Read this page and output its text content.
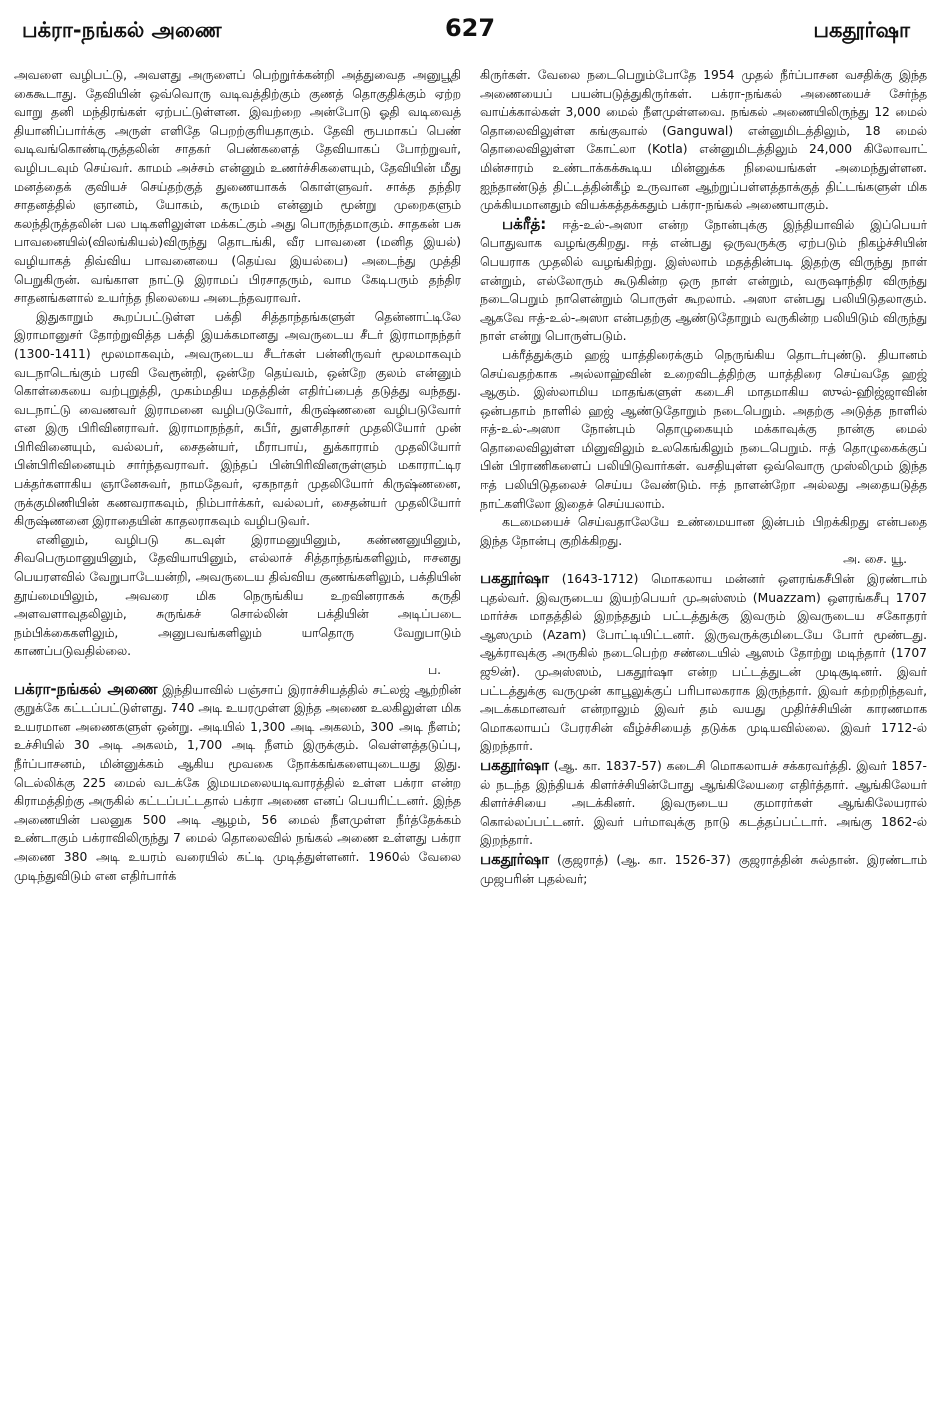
பக்ரா-நங்கல் அணை	627	பகதூர்ஷா

அவளை வழிபட்டு, அவளது அருளைப் பெற்றுர்க்கன்றி அத்துவைத அனுபூதி கைகூடாது. தேவியின் ஒவ்வொரு வடிவத்திற்கும் குணத் தொகுதிக்கும் ஏற்ற வாறு தனி மந்திரங்கள் ஏற்பட்டுள்ளன. இவற்றை அன்போடு ஓதி வடிவைத் தியானிப்பார்க்கு அருள் எளிதே பெறற்குரியதாகும். தேவி ரூபமாகப் பெண் வடிவங்கொண்டிருத்தலின் சாதகர் பெண்களைத் தேவியாகப் போற்றுவர், வழிபடவும் செய்வர். காமம் அச்சம் என்னும் உணர்ச்சிகளையும், தேவியின் மீது மனத்தைக் குவியச் செய்தற்குத் துணையாகக் கொள்ளுவர். சாக்த தந்திர சாதனத்தில் ஞானம், யோகம், கருமம் என்னும் மூன்று முறைகளும் கலந்திருத்தலின் பல படிகளிலுள்ள மக்கட்கும் அது பொருந்தமாகும். சாதகன் பசு பாவனையில்(விலங்கியல்)விருந்து தொடங்கி, வீர பாவனை (மனித இயல்) வழியாகத் திவ்விய பாவனையை (தெய்வ இயல்பை) அடைந்து முத்தி பெறுகிருன். வங்காள நாட்டு இராமப் பிரசாதரும், வாம கேடிபரும் தந்திர சாதனங்களால் உயர்ந்த நிலையை அடைந்தவராவர்.

இதுகாறும் கூறப்பட்டுள்ள பக்தி சித்தாந்தங்களுள் தென்னாட்டிலே இராமானுசர் தோற்றுவித்த பக்தி இயக்கமானது அவருடைய சீடர் இராமாநந்தர் (1300-1411) மூலமாகவும், அவருடைய சீடர்கள் பன்னிருவர் மூலமாகவும் வடநாடெங்கும் பரவி வேரூன்றி, ஒன்றே தெய்வம், ஒன்றே குலம் என்னும் கொள்கையை வற்புறுத்தி, முகம்மதிய மதத்தின் எதிர்ப்பைத் தடுத்து வந்தது. வடநாட்டு வைணவர் இராமனை வழிபடுவோர், கிருஷ்ணனை வழிபடுவோர் என இரு பிரிவினராவர். இராமாநந்தர், கபீர், துளசிதாசர் முதலியோர் முன் பிரிவினையும், வல்லபர், சைதன்யர், மீராபாய், துக்காராம் முதலியோர் பின்பிரிவினையும் சார்ந்தவராவர். இந்தப் பின்பிரிவினருள்ளும் மகாராட்டிர பக்தர்களாகிய ஞானேசுவர், நாமதேவர், ஏகநாதர் முதலியோர் கிருஷ்ணனை, ருக்குமிணியின் கணவராகவும், நிம்பார்க்கர், வல்லபர், சைதன்யர் முதலியோர் கிருஷ்ணனை இராதையின் காதலராகவும் வழிபடுவர்.

எனினும், வழிபடு கடவுள் இராமனுயினும், கண்ணனுயினும், சிவபெருமானுயினும், தேவியாயினும், எல்லாச் சித்தாந்தங்களிலும், ஈசனது பெயரளவில் வேறுபாடேயன்றி, அவருடைய திவ்விய குணங்களிலும், பக்தியின் தூய்மையிலும், அவரை மிக நெருங்கிய உறவினராகக் கருதி அளவளாவுதலிலும், சுருங்கச் சொல்லின் பக்தியின் அடிப்படை நம்பிக்கைகளிலும், அனுபவங்களிலும் யாதொரு வேறுபாடும் காணப்படுவதில்லை.

ப.

பக்ரா-நங்கல் அணை இந்தியாவில் பஞ்சாப் இராச்சியத்தில் சட்லஜ் ஆற்றின் குறுக்கே கட்டப்பட்டுள்ளது. 740 அடி உயரமுள்ள இந்த அணை உலகிலுள்ள மிக உயரமான அணைகளுள் ஒன்று. அடியில் 1,300 அடி அகலம், 300 அடி நீளம்; உச்சியில் 30 அடி அகலம், 1,700 அடி நீளம் இருக்கும். வெள்ளத்தடுப்பு, நீர்ப்பாசனம், மின்னுக்கம் ஆகிய மூவகை நோக்கங்களையுடையது இது. டெல்லிக்கு 225 மைல் வடக்கே இமயமலையடிவாரத்தில் உள்ள பக்ரா என்ற கிராமத்திற்கு அருகில் கட்டப்பட்டதால் பக்ரா அணை எனப் பெயரிட்டனர். இந்த அணையின் பலனுக 500 அடி ஆழம், 56 மைல் நீளமுள்ள நீர்த்தேக்கம் உண்டாகும் பக்ராவிலிருந்து 7 மைல் தொலைவில் நங்கல் அணை உள்ளது பக்ரா அணை 380 அடி உயரம் வரையில் கட்டி முடித்துள்ளனர். 1960ல் வேலை முடிந்துவிடும் என எதிர்பார்க்

கிருர்கள். வேலை நடைபெறும்போதே 1954 முதல் நீர்ப்பாசன வசதிக்கு இந்த அணையைப் பயன்படுத்துகிருர்கள். பக்ரா-நங்கல் அணையைச் சேர்ந்த வாய்க்கால்கள் 3,000 மைல் நீளமுள்ளவை. நங்கல் அணையிலிருந்து 12 மைல் தொலைவிலுள்ள கங்குவால் (Ganguwal) என்னுமிடத்திலும், 18 மைல் தொலைவிலுள்ள கோட்லா (Kotla) என்னுமிடத்திலும் 24,000 கிலோவாட் மின்சாரம் உண்டாக்கக்கூடிய மின்னுக்க நிலையங்கள் அமைந்துள்ளன. ஐந்தாண்டுத் திட்டத்தின்கீழ் உருவான ஆற்றுப்பள்ளத்தாக்குத் திட்டங்களுள் மிக முக்கியமானதும் வியக்கத்தக்கதும் பக்ரா-நங்கல் அணையாகும்.

பக்ரீத்: ஈத்-உல்-அஸா என்ற நோன்புக்கு இந்தியாவில் இப்பெயர் பொதுவாக வழங்குகிறது. ஈத் என்பது ஒருவருக்கு ஏற்படும் நிகழ்ச்சியின் பெயராக முதலில் வழங்கிற்று. இஸ்லாம் மதத்தின்படி இதற்கு விருந்து நாள் என்றும், எல்லோரும் கூடுகின்ற ஒரு நாள் என்றும், வருஷாந்திர விருந்து நடைபெறும் நாளென்றும் பொருள் கூறலாம். அஸா என்பது பலியிடுதலாகும். ஆகவே ஈத்-உல்-அஸா என்பதற்கு ஆண்டுதோறும் வருகின்ற பலியிடும் விருந்து நாள் என்று பொருள்படும்.

பக்ரீத்துக்கும் ஹஜ் யாத்திரைக்கும் நெருங்கிய தொடர்புண்டு. தியானம் செய்வதற்காக அல்லாஹ்வின் உறைவிடத்திற்கு யாத்திரை செய்வதே ஹஜ் ஆகும். இஸ்லாமிய மாதங்களுள் கடைசி மாதமாகிய ஸுல்-ஹிஜ்ஜாவின் ஒன்பதாம் நாளில் ஹஜ் ஆண்டுதோறும் நடைபெறும். அதற்கு அடுத்த நாளில் ஈத்-உல்-அஸா நோன்பும் தொழுகையும் மக்காவுக்கு நான்கு மைல் தொலைவிலுள்ள மினுவிலும் உலகெங்கிலும் நடைபெறும். ஈத் தொழுகைக்குப் பின் பிராணிகளைப் பலியிடுவார்கள். வசதியுள்ள ஒவ்வொரு முஸ்லிமும் இந்த ஈத் பலியிடுதலைச் செய்ய வேண்டும். ஈத் நாளன்றோ அல்லது அதையடுத்த நாட்களிலோ இதைச் செய்யலாம்.

கடமையைச் செய்வதாலேயே உண்மையான இன்பம் பிறக்கிறது என்பதை இந்த நோன்பு குறிக்கிறது.

அ. சை. யூ.

பகதூர்ஷா (1643-1712) மொகலாய மன்னர் ஒளரங்கசீபின் இரண்டாம் புதல்வர். இவருடைய இயற்பெயர் முஅஸ்ஸம் (Muazzam) ஔரங்கசீபு 1707 மார்ச்சு மாதத்தில் இறந்ததும் பட்டத்துக்கு இவரும் இவருடைய சகோதரர் ஆஸமும் (Azam) போட்டியிட்டனர். இருவருக்குமிடையே போர் மூண்டது. ஆக்ராவுக்கு அருகில் நடைபெற்ற சண்டையில் ஆஸம் தோற்று மடிந்தார் (1707 ஜூன்). முஅஸ்ஸம், பகதூர்ஷா என்ற பட்டத்துடன் முடிசூடினர். இவர் பட்டத்துக்கு வருமுன் காபூலுக்குப் பரிபாலகராக இருந்தார். இவர் கற்றறிந்தவர், அடக்கமானவர் என்றாலும் இவர் தம் வயது முதிர்ச்சியின் காரணமாக மொகலாயப் பேரரசின் வீழ்ச்சியைத் தடுக்க முடியவில்லை. இவர் 1712-ல் இறந்தார்.

பகதூர்ஷா (ஆ. கா. 1837-57) கடைசி மொகலாயச் சக்கரவர்த்தி. இவர் 1857-ல் நடந்த இந்தியக் கிளர்ச்சியின்போது ஆங்கிலேயரை எதிர்த்தார். ஆங்கிலேயர் கிளர்ச்சியை அடக்கினர். இவருடைய குமாரர்கள் ஆங்கிலேயரால் கொல்லப்பட்டனர். இவர் பர்மாவுக்கு நாடு கடத்தப்பட்டார். அங்கு 1862-ல் இறந்தார்.

பகதூர்ஷா (குஜராத்) (ஆ. கா. 1526-37) குஜராத்தின் சுல்தான். இரண்டாம் முஜபரின் புதல்வர்;
